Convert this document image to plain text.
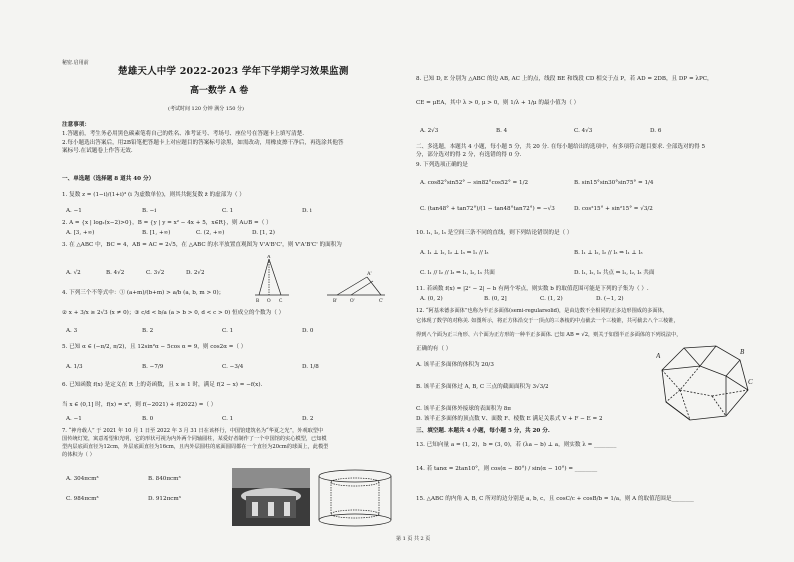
秘密.启用前
楚雄天人中学 2022-2023 学年下学期学习效果监测
高一数学 A 卷
(考试时间 120 分钟 满分 150 分)
注意事项：
1.答题前，考生务必用黑色碳素笔将自己的姓名、准考证号、考场号、座位号在答题卡上填写清楚.
2.每小题选出答案后，用2B铅笔把答题卡上对应题目的答案标号涂黑，如需改动，用橡皮擦干净后，再选涂其他答
案标号.在试题卷上作答无效.
一、单选题（选择题 8 道共 40 分）
1. 复数 z = (1−i)/(1+i)³ (i 为虚数单位)，则其共轭复数 z̄ 的虚部为（ ）
A. −1	B. −i	C. 1	D. i
2. A = {x | log₂(x−2)>0}，B = {y | y = x² − 4x + 5，x∈R}，则 A∪B =（ ）
A. [3, +∞)	B. [1, +∞)	C. (2, +∞)	D. [1, 2)
3. 在 △ABC 中，BC = 4，AB = AC = 2√5，在 △ABC 的水平放置直观图为 V'A'B'C'，则 V'A'B'C' 的面积为
A. √2	B. 4√2	C. 3√2	D. 2√2
A
B O C
A'
B'	O'	C'
4. 下列三个不等式中：① (a+m)/(b+m) > a/b (a, b, m > 0)；
② x + 3/x ≥ 2√3 (x ≠ 0)；③ c/d < b/a (a > b > 0, d < c > 0) 恒成立的个数为（ ）
A. 3	B. 2	C. 1	D. 0
5. 已知 α ∈ (−π/2, π/2)，且 12sin²α − 5cos α = 9，则 cos2α =（ ）
A. 1/3	B. −7/9	C. −3/4	D. 1/8
6. 已知函数 f(x) 是定义在 R 上的奇函数，且 x ≥ 1 时，满足 f(2 − x) = −f(x).
当 x ∈ (0,1] 时，f(x) = x²，则 f(−2021) + f(2022) =（ ）
A. −1	B. 0	C. 1	D. 2
7. “神舟载人” 于 2021 年 10 月 1 日至 2022 年 3 月 31 日在该杯行，中国馆建筑名为“华夏之光”，外观取型中
国传统灯笼，寓意希望和光明，它的形状可视为内外两个同轴圆柱，某爱好者制作了一个中国馆的实心模型，已知模
型内层底面直径为12cm，外层底面直径为16cm，且内外层圆柱的底面圆周都在一个直径为20cm的球面上，此模型
的体积为（ ）
A. 304πcm³	B. 840πcm³
C. 984πcm³	D. 912πcm³
8. 已知 D, E 分别为 △ABC 的边 AB, AC 上的点，线段 BE 和线段 CD 相交于点 P，若 AD = 2DB，且 DP = λPC，
CE = μEA，其中 λ > 0, μ > 0，则 1/λ + 1/μ 的最小值为（ ）
A. 2√3	B. 4	C. 4√3	D. 6
二、多选题，本题共 4 小题，每小题 5 分，共 20 分. 在每小题给出的选项中，有多项符合题目要求. 全部选对的得 5
分，部分选对的得 2 分，有选错的得 0 分.
9. 下列选项正确的是
A. cos82°sin52° − sin82°cos52° = 1/2	B. sin15°sin30°sin75° = 1/4
C. (tan48° + tan72°)/(1 − tan48°tan72°) = −√3	D. cos²15° + sin²15° = √3/2
10. l₁, l₂, l₃ 是空间三条不同的直线，则下列结论错误的是（ ）
A. l₁ ⊥ l₂, l₂ ⊥ l₃ ⇒ l₁ // l₃	B. l₁ ⊥ l₂, l₂ // l₃ ⇒ l₁ ⊥ l₃
C. l₁ // l₂ // l₃ ⇒ l₁, l₂, l₃ 共面	D. l₁, l₂, l₃ 共点 ⇒ l₁, l₂, l₃ 共面
11. 若函数 f(x) = |2ˣ − 2| − b 有两个零点，则实数 b 的取值范围可能是下列的子集为（ ）.
A. (0, 2)	B. (0, 2]	C. (1, 2)	D. (−1, 2)
12. “阿基米德多面体”也称为半正多面体(semi-regularsolid)，是由边数不全相同的正多边形围成的多面体，
它体现了数学的对称美. 如图所示，将正方体沿交于一顶点的三条棱的中点截去一个三棱锥，共可截去八个三棱锥，
得到八个面为正三角形、六个面为正方形的一种半正多面体. 已知 AB = √2，则关于如图半正多面体的下列说法中，
正确的有（ ）
A. 该半正多面体的体积为 20/3
B. 该半正多面体过 A, B, C 三点的截面面积为 3√3/2
C. 该半正多面体外接球的表面积为 8π
D. 该半正多面体的顶点数 V、面数 F、棱数 E 满足关系式 V + F − E = 2
A	B
C
三、填空题. 本题共 4 小题，每小题 5 分，共 20 分.
13. 已知向量 a = (1, 2)，b = (3, 0)，若 (λa − b) ⊥ a，则实数 λ = ________
14. 若 tanα = 2tan10°，则 cos(α − 80°) / sin(α − 10°) = ________
15. △ABC 的内角 A, B, C 所对的边分别是 a, b, c，且 cosC/c + cosB/b = 1/a，则 A 的取值范围是________
第 1 页 共 2 页
